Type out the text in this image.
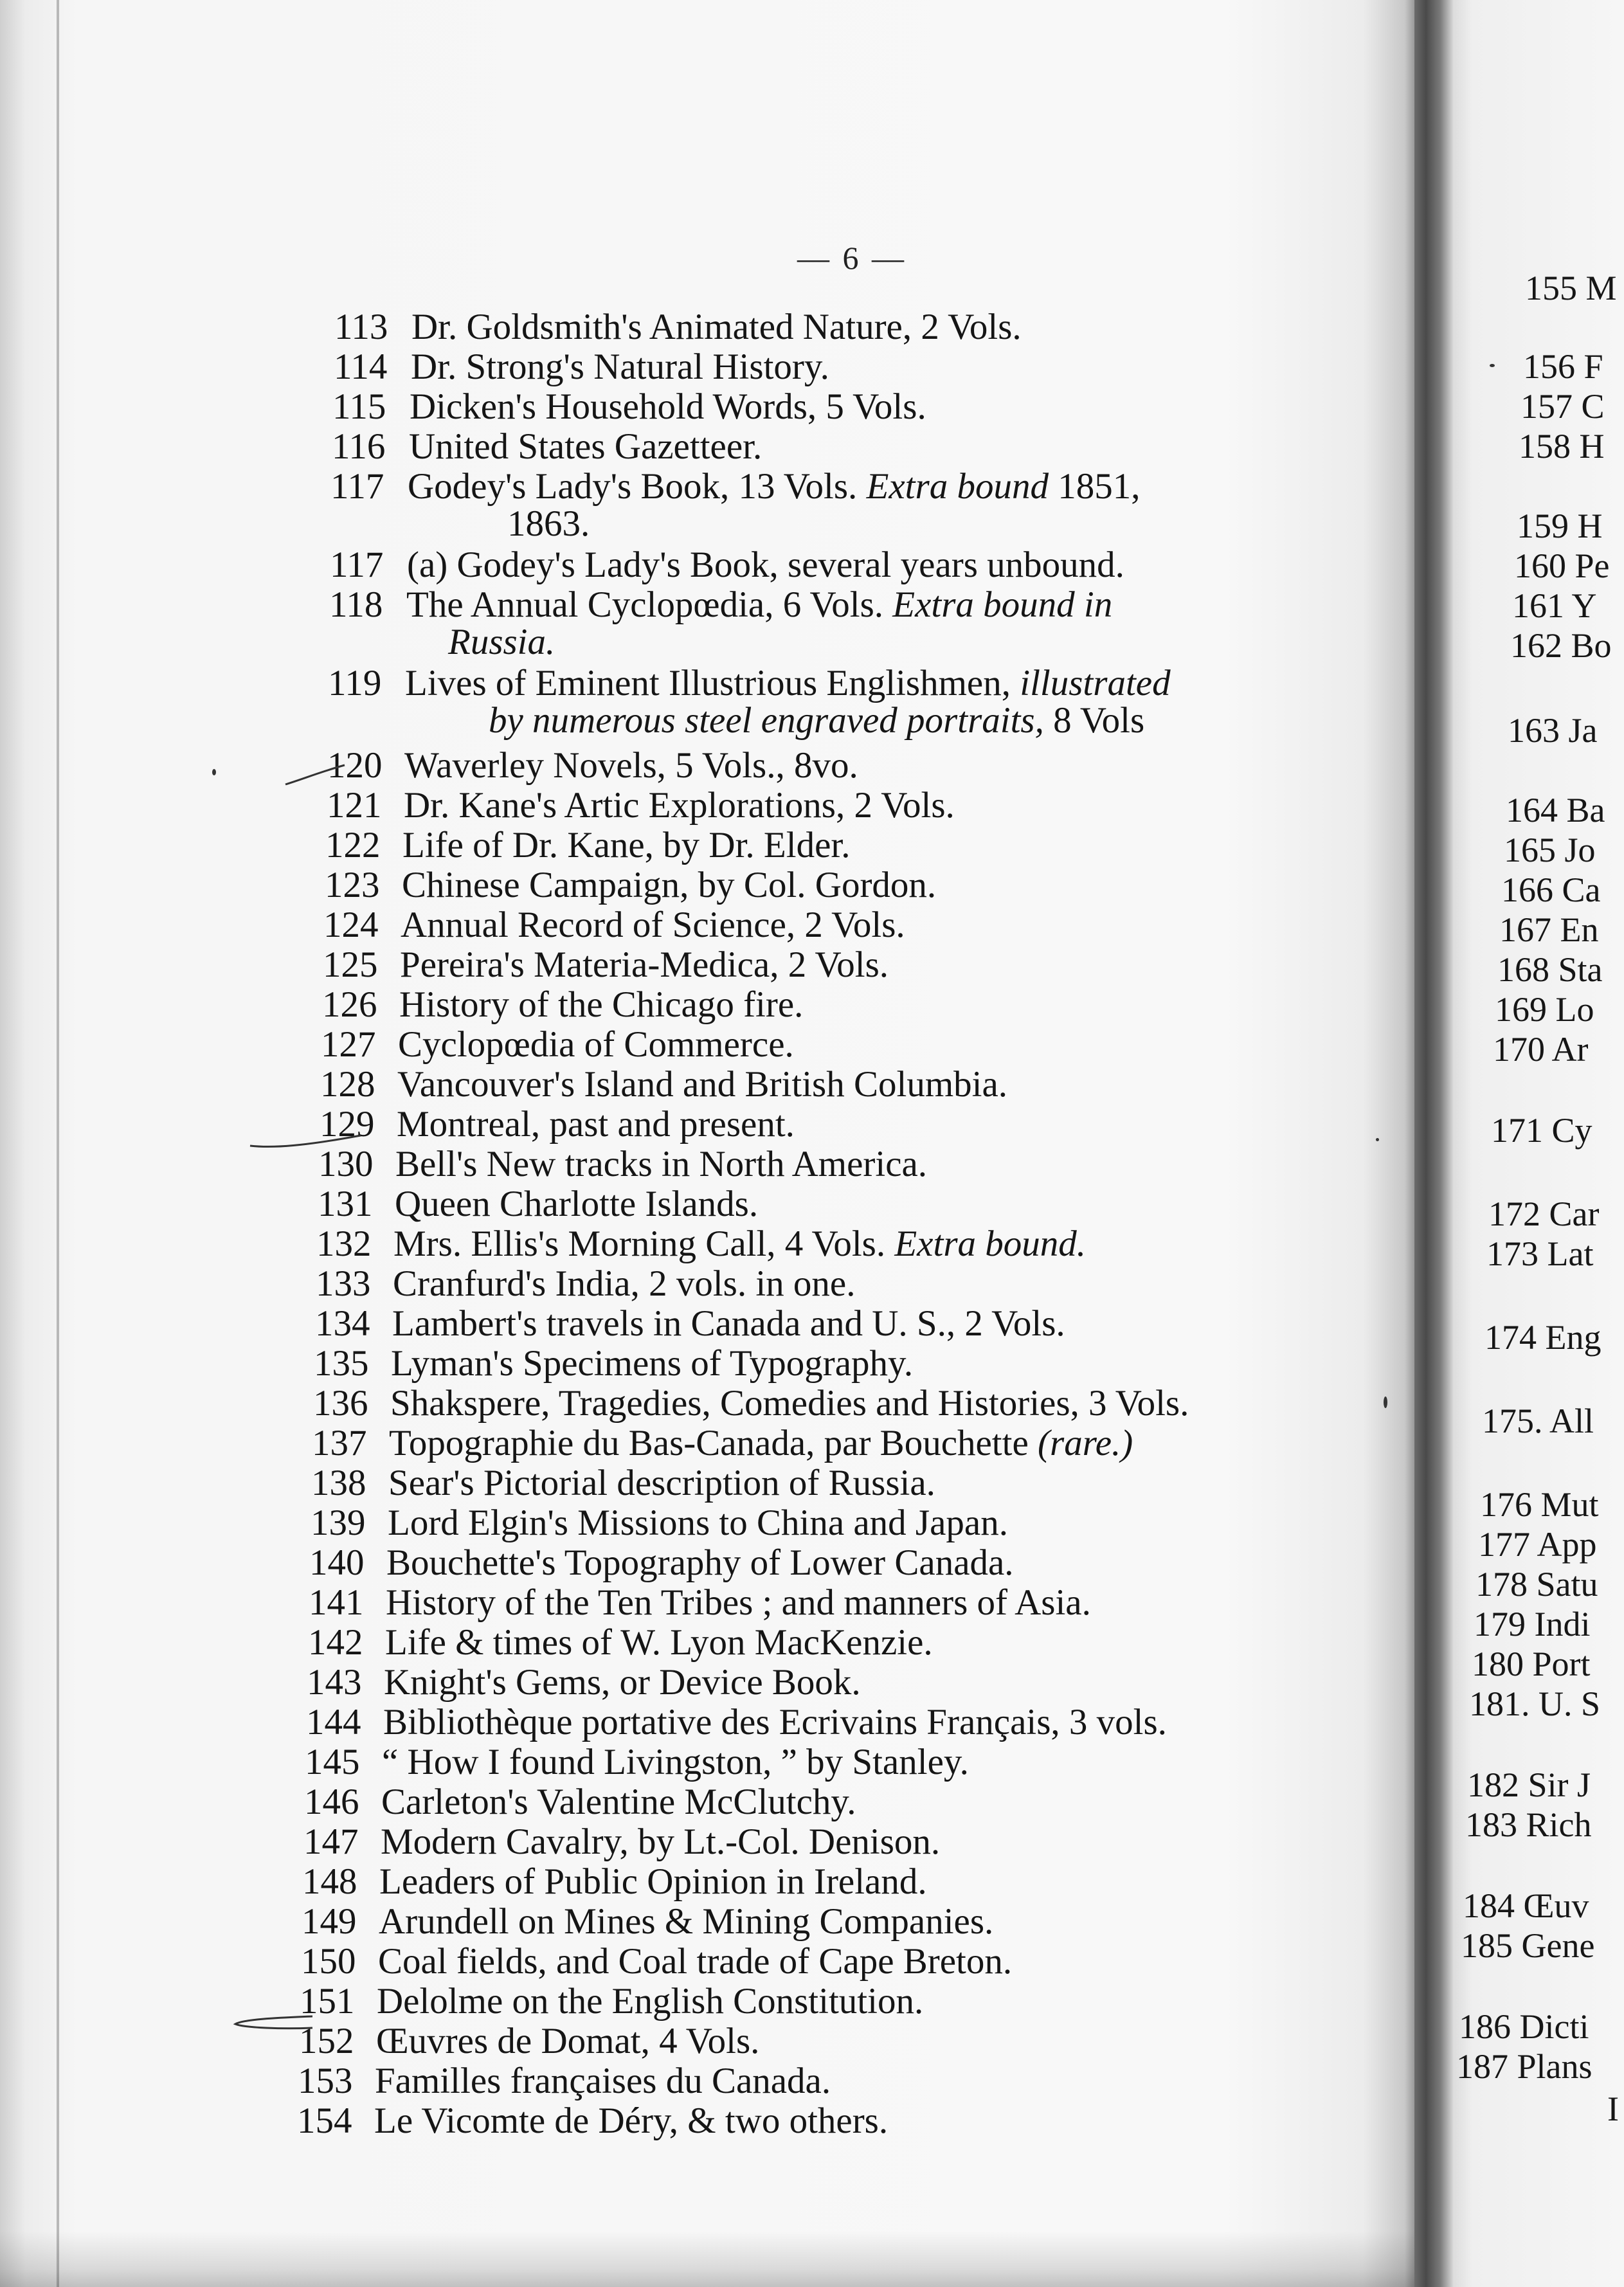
— 6 —
113 Dr. Goldsmith's Animated Nature, 2 Vols.
114 Dr. Strong's Natural History.
115 Dicken's Household Words, 5 Vols.
116 United States Gazetteer.
117 Godey's Lady's Book, 13 Vols. Extra bound 1851,
1863.
117 (a) Godey's Lady's Book, several years unbound.
118 The Annual Cyclopœdia, 6 Vols. Extra bound in
Russia.
119 Lives of Eminent Illustrious Englishmen, illustrated
by numerous steel engraved portraits, 8 Vols
120 Waverley Novels, 5 Vols., 8vo.
121 Dr. Kane's Artic Explorations, 2 Vols.
122 Life of Dr. Kane, by Dr. Elder.
123 Chinese Campaign, by Col. Gordon.
124 Annual Record of Science, 2 Vols.
125 Pereira's Materia-Medica, 2 Vols.
126 History of the Chicago fire.
127 Cyclopœdia of Commerce.
128 Vancouver's Island and British Columbia.
129 Montreal, past and present.
130 Bell's New tracks in North America.
131 Queen Charlotte Islands.
132 Mrs. Ellis's Morning Call, 4 Vols. Extra bound.
133 Cranfurd's India, 2 vols. in one.
134 Lambert's travels in Canada and U. S., 2 Vols.
135 Lyman's Specimens of Typography.
136 Shakspere, Tragedies, Comedies and Histories, 3 Vols.
137 Topographie du Bas-Canada, par Bouchette (rare.)
138 Sear's Pictorial description of Russia.
139 Lord Elgin's Missions to China and Japan.
140 Bouchette's Topography of Lower Canada.
141 History of the Ten Tribes ; and manners of Asia.
142 Life & times of W. Lyon MacKenzie.
143 Knight's Gems, or Device Book.
144 Bibliothèque portative des Ecrivains Français, 3 vols.
145 “ How I found Livingston, ” by Stanley.
146 Carleton's Valentine McClutchy.
147 Modern Cavalry, by Lt.-Col. Denison.
148 Leaders of Public Opinion in Ireland.
149 Arundell on Mines & Mining Companies.
150 Coal fields, and Coal trade of Cape Breton.
151 Delolme on the English Constitution.
152 Œuvres de Domat, 4 Vols.
153 Familles françaises du Canada.
154 Le Vicomte de Déry, & two others.
155 M
156 F
157 C
158 H
159 H
160 Pe
161 Y
162 Bo
163 Ja
164 Ba
165 Jo
166 Ca
167 En
168 Sta
169 Lo
170 Ar
171 Cy
172 Car
173 Lat
174 Eng
175. All
176 Mut
177 App
178 Satu
179 Indi
180 Port
181. U. S
182 Sir J
183 Rich
184 Œuv
185 Gene
186 Dicti
187 Plans
I
